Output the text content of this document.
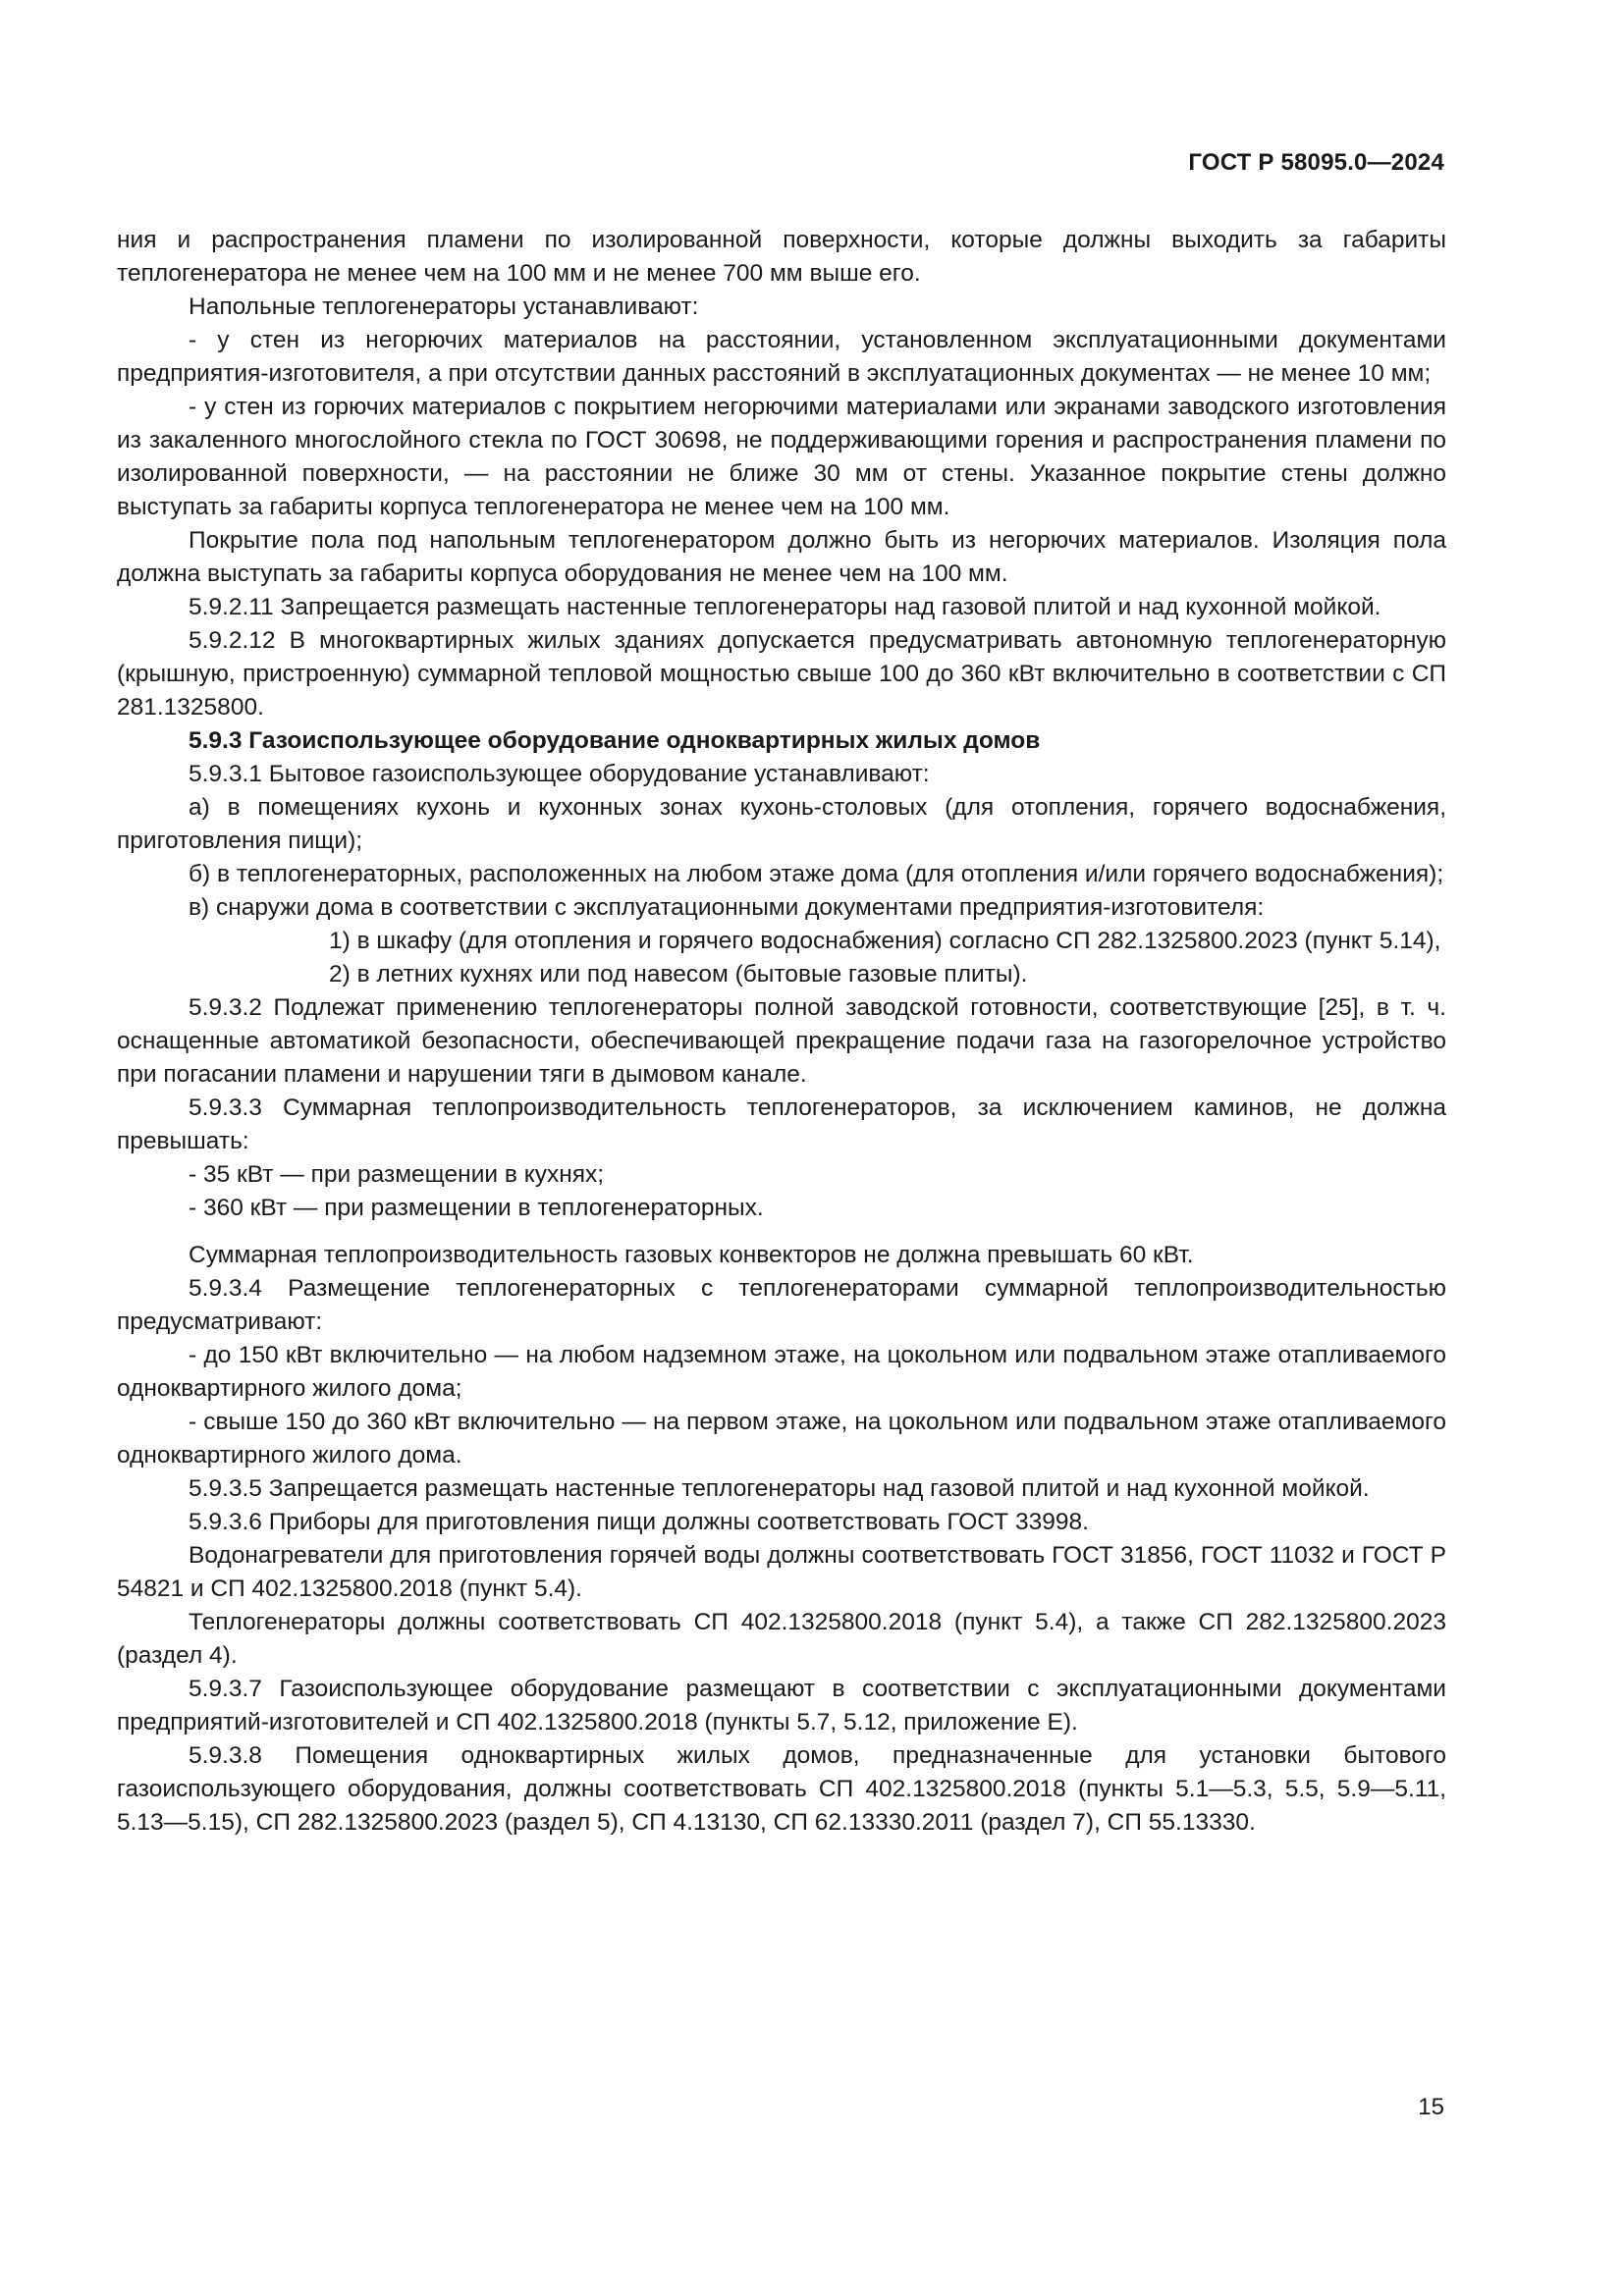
ГОСТ Р 58095.0—2024

ния и распространения пламени по изолированной поверхности, которые должны выходить за габариты теплогенератора не менее чем на 100 мм и не менее 700 мм выше его.

Напольные теплогенераторы устанавливают:

- у стен из негорючих материалов на расстоянии, установленном эксплуатационными документами предприятия-изготовителя, а при отсутствии данных расстояний в эксплуатационных документах — не менее 10 мм;

- у стен из горючих материалов с покрытием негорючими материалами или экранами заводского изготовления из закаленного многослойного стекла по ГОСТ 30698, не поддерживающими горения и распространения пламени по изолированной поверхности, — на расстоянии не ближе 30 мм от стены. Указанное покрытие стены должно выступать за габариты корпуса теплогенератора не менее чем на 100 мм.

Покрытие пола под напольным теплогенератором должно быть из негорючих материалов. Изоляция пола должна выступать за габариты корпуса оборудования не менее чем на 100 мм.

5.9.2.11 Запрещается размещать настенные теплогенераторы над газовой плитой и над кухонной мойкой.

5.9.2.12 В многоквартирных жилых зданиях допускается предусматривать автономную теплогенераторную (крышную, пристроенную) суммарной тепловой мощностью свыше 100 до 360 кВт включительно в соответствии с СП 281.1325800.

5.9.3 Газоиспользующее оборудование одноквартирных жилых домов

5.9.3.1 Бытовое газоиспользующее оборудование устанавливают:

а) в помещениях кухонь и кухонных зонах кухонь-столовых (для отопления, горячего водоснабжения, приготовления пищи);

б) в теплогенераторных, расположенных на любом этаже дома (для отопления и/или горячего водоснабжения);

в) снаружи дома в соответствии с эксплуатационными документами предприятия-изготовителя:

1) в шкафу (для отопления и горячего водоснабжения) согласно СП 282.1325800.2023 (пункт 5.14),

2) в летних кухнях или под навесом (бытовые газовые плиты).

5.9.3.2 Подлежат применению теплогенераторы полной заводской готовности, соответствующие [25], в т. ч. оснащенные автоматикой безопасности, обеспечивающей прекращение подачи газа на газогорелочное устройство при погасании пламени и нарушении тяги в дымовом канале.

5.9.3.3 Суммарная теплопроизводительность теплогенераторов, за исключением каминов, не должна превышать:

- 35 кВт — при размещении в кухнях;

- 360 кВт — при размещении в теплогенераторных.

Суммарная теплопроизводительность газовых конвекторов не должна превышать 60 кВт.

5.9.3.4 Размещение теплогенераторных с теплогенераторами суммарной теплопроизводительностью предусматривают:

- до 150 кВт включительно — на любом надземном этаже, на цокольном или подвальном этаже отапливаемого одноквартирного жилого дома;

- свыше 150 до 360 кВт включительно — на первом этаже, на цокольном или подвальном этаже отапливаемого одноквартирного жилого дома.

5.9.3.5 Запрещается размещать настенные теплогенераторы над газовой плитой и над кухонной мойкой.

5.9.3.6 Приборы для приготовления пищи должны соответствовать ГОСТ 33998.

Водонагреватели для приготовления горячей воды должны соответствовать ГОСТ 31856, ГОСТ 11032 и ГОСТ Р 54821 и СП 402.1325800.2018 (пункт 5.4).

Теплогенераторы должны соответствовать СП 402.1325800.2018 (пункт 5.4), а также СП 282.1325800.2023 (раздел 4).

5.9.3.7 Газоиспользующее оборудование размещают в соответствии с эксплуатационными документами предприятий-изготовителей и СП 402.1325800.2018 (пункты 5.7, 5.12, приложение Е).

5.9.3.8 Помещения одноквартирных жилых домов, предназначенные для установки бытового газоиспользующего оборудования, должны соответствовать СП 402.1325800.2018 (пункты 5.1—5.3, 5.5, 5.9—5.11, 5.13—5.15), СП 282.1325800.2023 (раздел 5), СП 4.13130, СП 62.13330.2011 (раздел 7), СП 55.13330.

15
